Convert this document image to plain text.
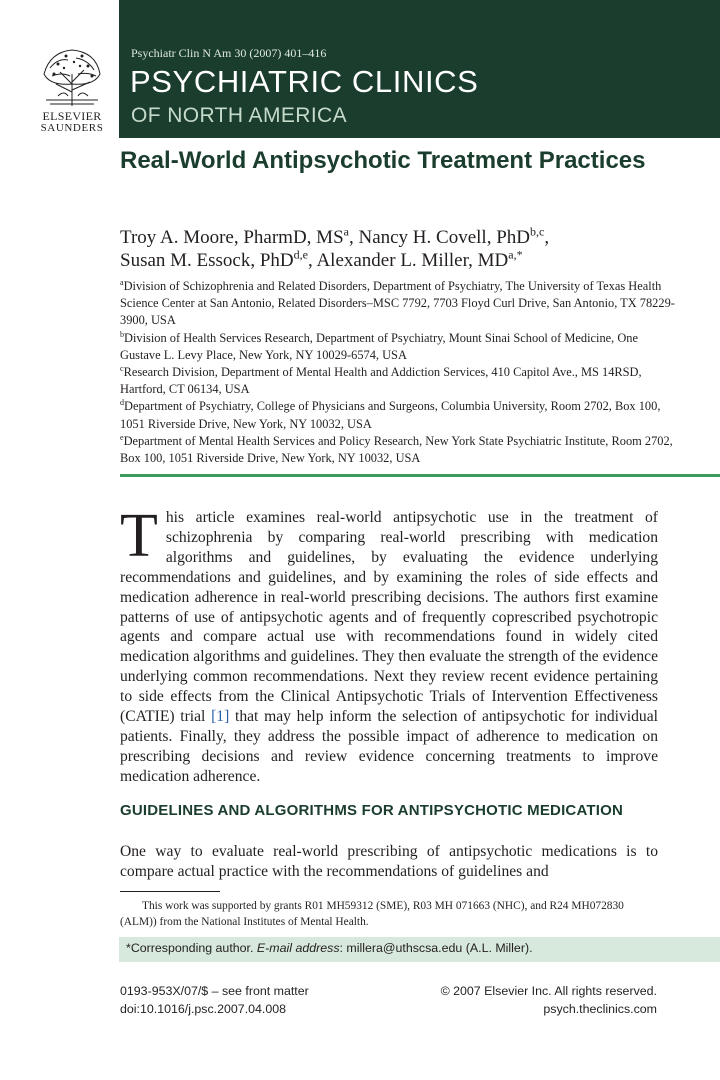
ELSEVIER
SAUNDERS
Psychiatr Clin N Am 30 (2007) 401–416
PSYCHIATRIC CLINICS
OF NORTH AMERICA
Real-World Antipsychotic Treatment Practices
Troy A. Moore, PharmD, $MS^a$, Nancy H. Covell, PhD$^{b,c}$,
Susan M. Essock, PhD$^{d,e}$, Alexander L. Miller, $MD^{a,*}$

$^a$Division of Schizophrenia and Related Disorders, Department of Psychiatry, The University of Texas Health Science Center at San Antonio, Related Disorders–MSC 7792, 7703 Floyd Curl Drive, San Antonio, TX 78229-3900, USA

$^b$Division of Health Services Research, Department of Psychiatry, Mount Sinai School of Medicine, One Gustave L. Levy Place, New York, NY 10029-6574, USA

$^c$Research Division, Department of Mental Health and Addiction Services, 410 Capitol Ave., MS 14RSD, Hartford, CT 06134, USA

$^d$Department of Psychiatry, College of Physicians and Surgeons, Columbia University, Room 2702, Box 100, 1051 Riverside Drive, New York, NY 10032, USA

$^e$Department of Mental Health Services and Policy Research, New York State Psychiatric Institute, Room 2702, Box 100, 1051 Riverside Drive, New York, NY 10032, USA

This article examines real-world antipsychotic use in the treatment of schizophrenia by comparing real-world prescribing with medication algorithms and guidelines, by evaluating the evidence underlying recommendations and guidelines, and by examining the roles of side effects and medication adherence in real-world prescribing decisions. The authors first examine patterns of use of antipsychotic agents and of frequently coprescribed psychotropic agents and compare actual use with recommendations found in widely cited medication algorithms and guidelines. They then evaluate the strength of the evidence underlying common recommendations. Next they review recent evidence pertaining to side effects from the Clinical Antipsychotic Trials of Intervention Effectiveness (CATIE) trial [1] that may help inform the selection of antipsychotic for individual patients. Finally, they address the possible impact of adherence to medication on prescribing decisions and review evidence concerning treatments to improve medication adherence.

GUIDELINES AND ALGORITHMS FOR ANTIPSYCHOTIC MEDICATION

One way to evaluate real-world prescribing of antipsychotic medications is to compare actual practice with the recommendations of guidelines and

This work was supported by grants R01 MH59312 (SME), R03 MH 071663 (NHC), and R24 MH072830 (ALM)) from the National Institutes of Mental Health.

*Corresponding author. E-mail address: millera@uthscsa.edu (A.L. Miller).
0193-953X/07/$ – see front matter
doi:10.1016/j.psc.2007.04.008
© 2007 Elsevier Inc. All rights reserved.
psych.theclinics.com
